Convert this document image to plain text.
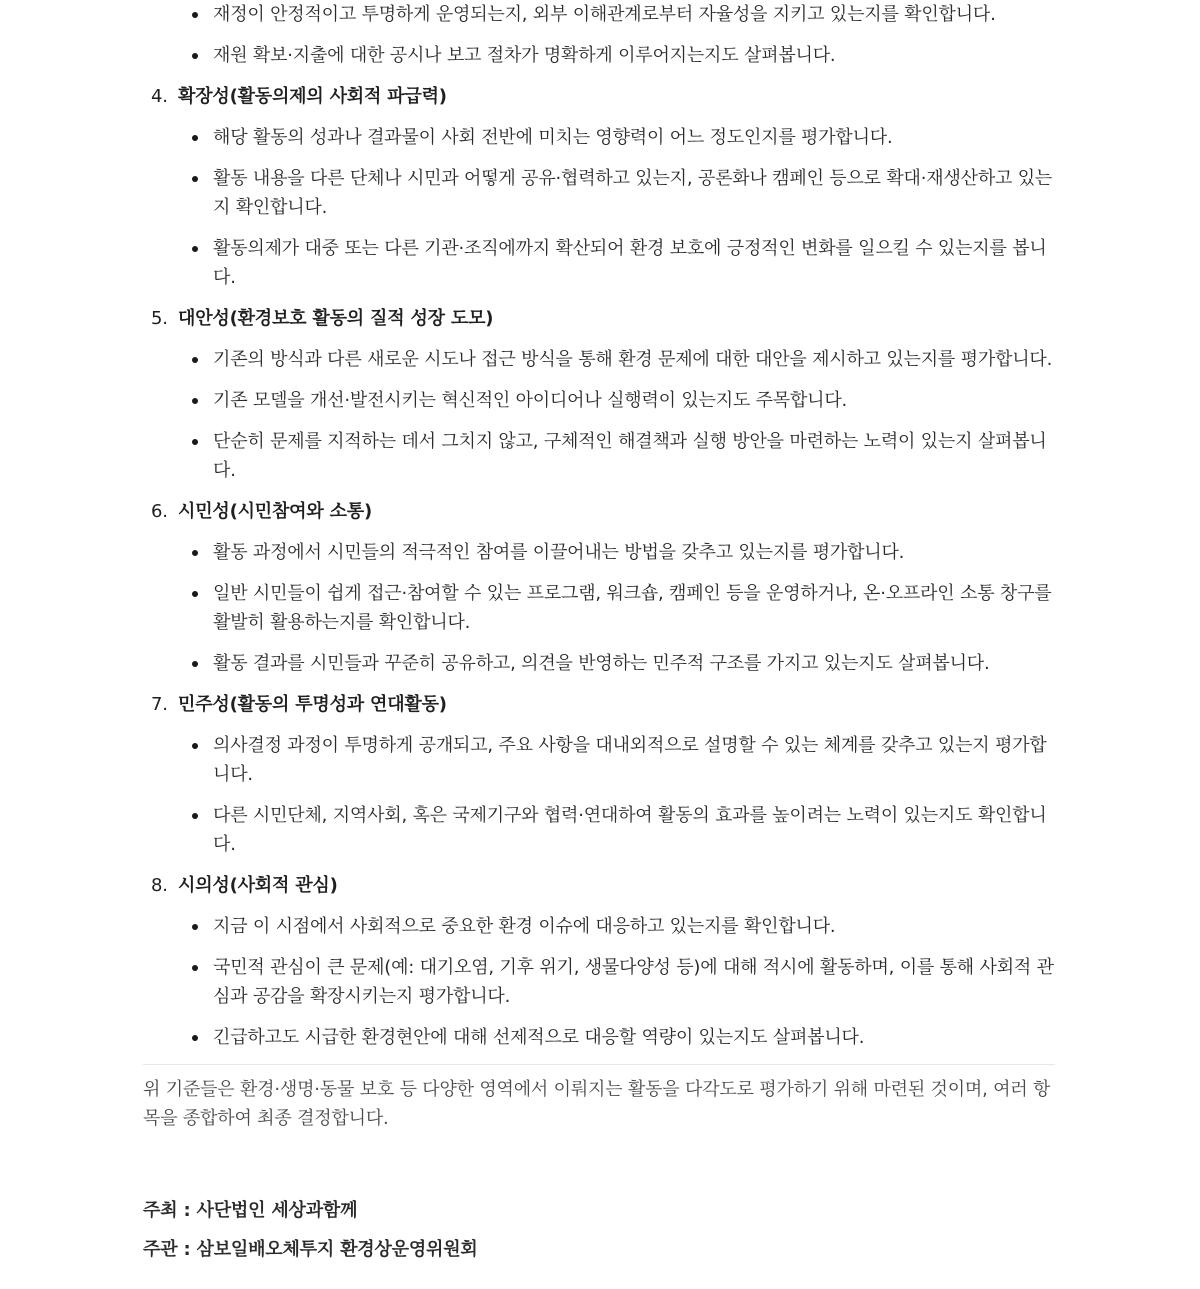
재정이 안정적이고 투명하게 운영되는지, 외부 이해관계로부터 자율성을 지키고 있는지를 확인합니다.
재원 확보·지출에 대한 공시나 보고 절차가 명확하게 이루어지는지도 살펴봅니다.
4. 확장성(활동의제의 사회적 파급력)
해당 활동의 성과나 결과물이 사회 전반에 미치는 영향력이 어느 정도인지를 평가합니다.
활동 내용을 다른 단체나 시민과 어떻게 공유·협력하고 있는지, 공론화나 캠페인 등으로 확대·재생산하고 있는지 확인합니다.
활동의제가 대중 또는 다른 기관·조직에까지 확산되어 환경 보호에 긍정적인 변화를 일으킬 수 있는지를 봅니다.
5. 대안성(환경보호 활동의 질적 성장 도모)
기존의 방식과 다른 새로운 시도나 접근 방식을 통해 환경 문제에 대한 대안을 제시하고 있는지를 평가합니다.
기존 모델을 개선·발전시키는 혁신적인 아이디어나 실행력이 있는지도 주목합니다.
단순히 문제를 지적하는 데서 그치지 않고, 구체적인 해결책과 실행 방안을 마련하는 노력이 있는지 살펴봅니다.
6. 시민성(시민참여와 소통)
활동 과정에서 시민들의 적극적인 참여를 이끌어내는 방법을 갖추고 있는지를 평가합니다.
일반 시민들이 쉽게 접근·참여할 수 있는 프로그램, 워크숍, 캠페인 등을 운영하거나, 온·오프라인 소통 창구를 활발히 활용하는지를 확인합니다.
활동 결과를 시민들과 꾸준히 공유하고, 의견을 반영하는 민주적 구조를 가지고 있는지도 살펴봅니다.
7. 민주성(활동의 투명성과 연대활동)
의사결정 과정이 투명하게 공개되고, 주요 사항을 대내외적으로 설명할 수 있는 체계를 갖추고 있는지 평가합니다.
다른 시민단체, 지역사회, 혹은 국제기구와 협력·연대하여 활동의 효과를 높이려는 노력이 있는지도 확인합니다.
8. 시의성(사회적 관심)
지금 이 시점에서 사회적으로 중요한 환경 이슈에 대응하고 있는지를 확인합니다.
국민적 관심이 큰 문제(예: 대기오염, 기후 위기, 생물다양성 등)에 대해 적시에 활동하며, 이를 통해 사회적 관심과 공감을 확장시키는지 평가합니다.
긴급하고도 시급한 환경현안에 대해 선제적으로 대응할 역량이 있는지도 살펴봅니다.

위 기준들은 환경·생명·동물 보호 등 다양한 영역에서 이뤄지는 활동을 다각도로 평가하기 위해 마련된 것이며, 여러 항목을 종합하여 최종 결정합니다.

주최 : 사단법인 세상과함께

주관 : 삼보일배오체투지 환경상운영위원회
